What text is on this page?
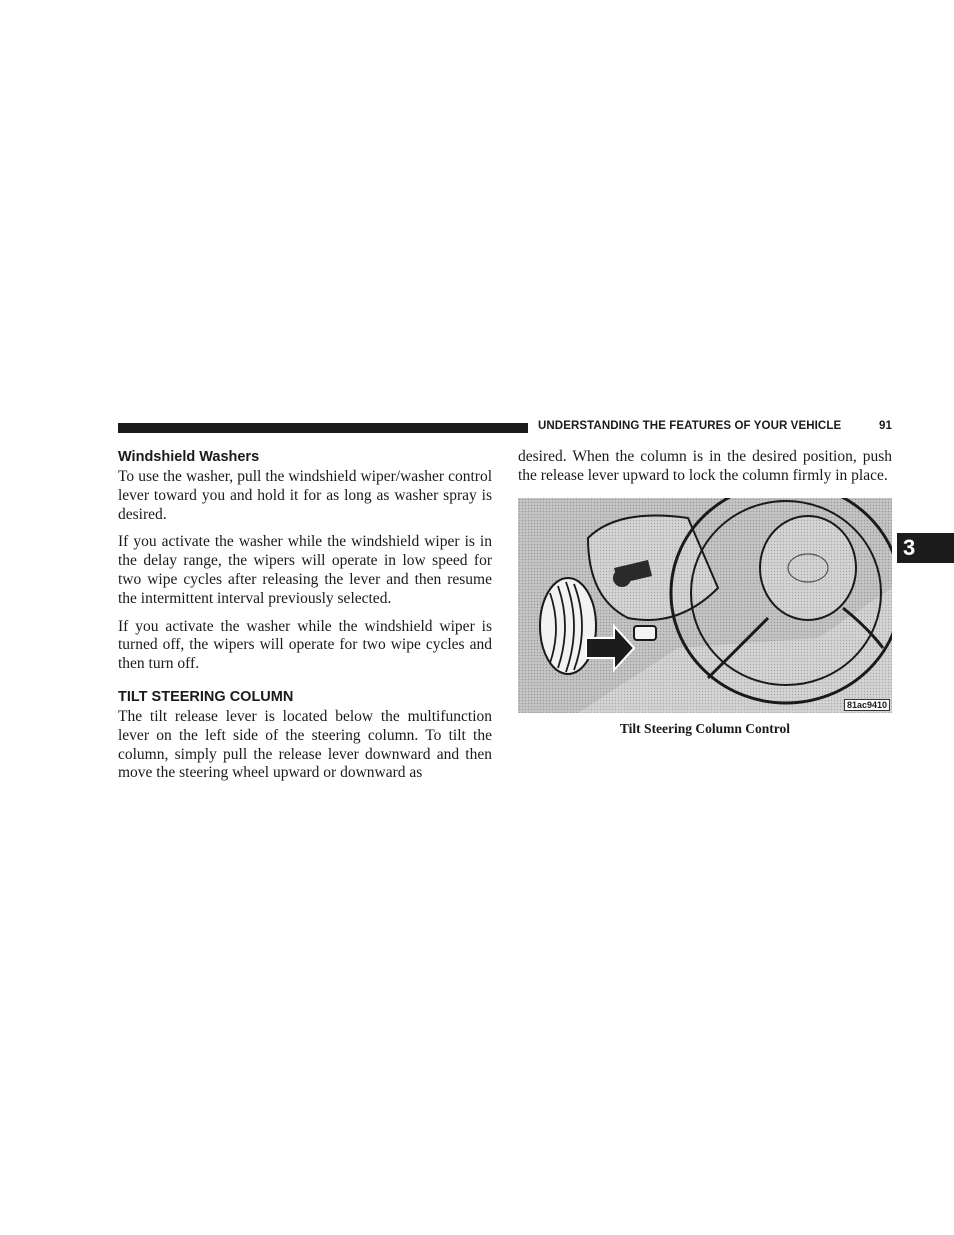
UNDERSTANDING THE FEATURES OF YOUR VEHICLE	91
3
Windshield Washers

To use the washer, pull the windshield wiper/washer control lever toward you and hold it for as long as washer spray is desired.

If you activate the washer while the windshield wiper is in the delay range, the wipers will operate in low speed for two wipe cycles after releasing the lever and then resume the intermittent interval previously selected.

If you activate the washer while the windshield wiper is turned off, the wipers will operate for two wipe cycles and then turn off.

TILT STEERING COLUMN

The tilt release lever is located below the multifunction lever on the left side of the steering column. To tilt the column, simply pull the release lever downward and then move the steering wheel upward or downward as

desired. When the column is in the desired position, push the release lever upward to lock the column firmly in place.

81ac9410
Tilt Steering Column Control
